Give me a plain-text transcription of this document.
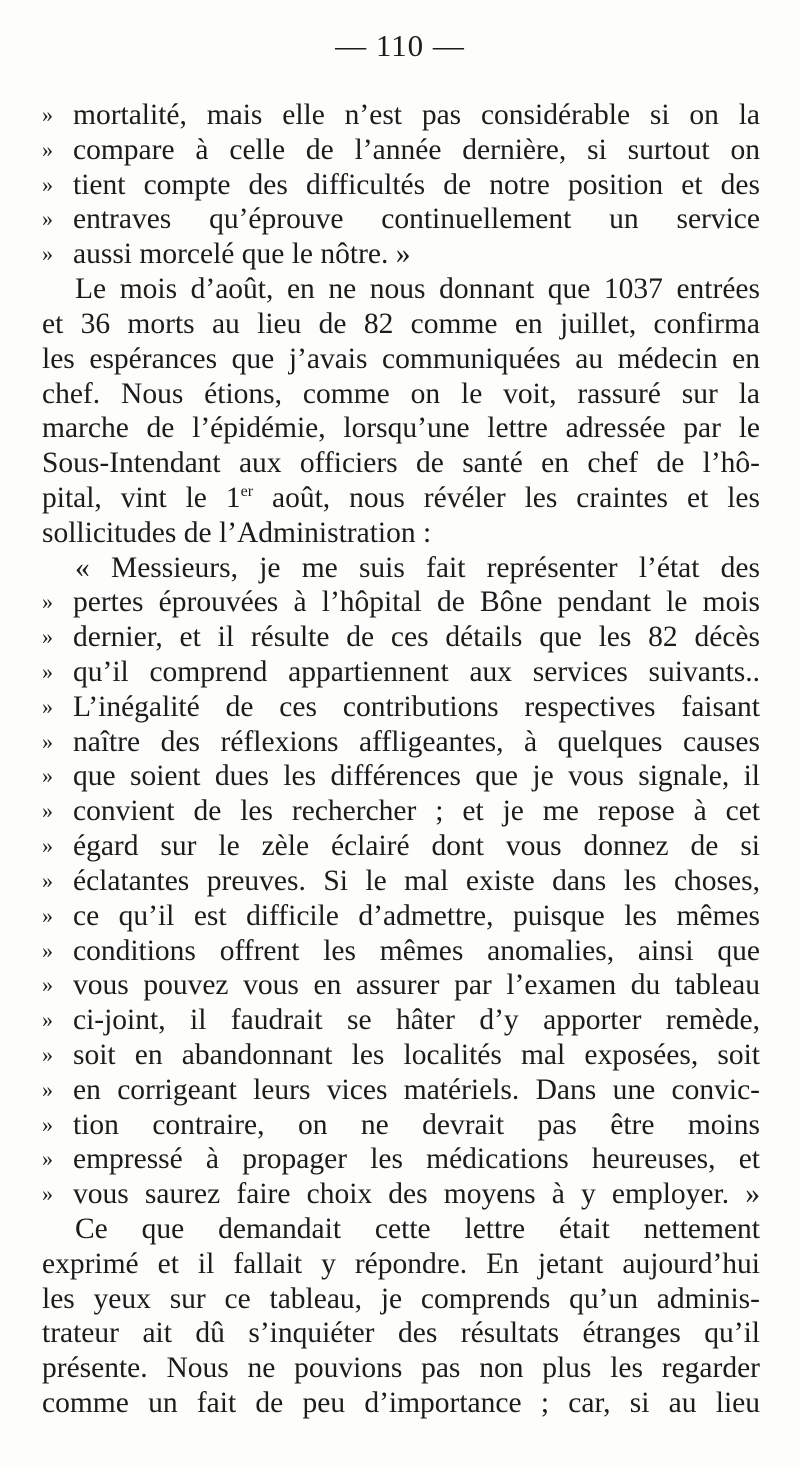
— 110 —
» mortalité, mais elle n’est pas considérable si on la
» compare à celle de l’année dernière, si surtout on
» tient compte des difficultés de notre position et des
» entraves qu’éprouve continuellement un service
» aussi morcelé que le nôtre. »
Le mois d’août, en ne nous donnant que 1037 entrées
et 36 morts au lieu de 82 comme en juillet, confirma
les espérances que j’avais communiquées au médecin en
chef. Nous étions, comme on le voit, rassuré sur la
marche de l’épidémie, lorsqu’une lettre adressée par le
Sous-Intendant aux officiers de santé en chef de l’hô-
pital, vint le 1er août, nous révéler les craintes et les
sollicitudes de l’Administration :
« Messieurs, je me suis fait représenter l’état des
» pertes éprouvées à l’hôpital de Bône pendant le mois
» dernier, et il résulte de ces détails que les 82 décès
» qu’il comprend appartiennent aux services suivants..
» L’inégalité de ces contributions respectives faisant
» naître des réflexions affligeantes, à quelques causes
» que soient dues les différences que je vous signale, il
» convient de les rechercher ; et je me repose à cet
» égard sur le zèle éclairé dont vous donnez de si
» éclatantes preuves. Si le mal existe dans les choses,
» ce qu’il est difficile d’admettre, puisque les mêmes
» conditions offrent les mêmes anomalies, ainsi que
» vous pouvez vous en assurer par l’examen du tableau
» ci-joint, il faudrait se hâter d’y apporter remède,
» soit en abandonnant les localités mal exposées, soit
» en corrigeant leurs vices matériels. Dans une convic-
» tion contraire, on ne devrait pas être moins
» empressé à propager les médications heureuses, et
» vous saurez faire choix des moyens à y employer. »
Ce que demandait cette lettre était nettement
exprimé et il fallait y répondre. En jetant aujourd’hui
les yeux sur ce tableau, je comprends qu’un adminis-
trateur ait dû s’inquiéter des résultats étranges qu’il
présente. Nous ne pouvions pas non plus les regarder
comme un fait de peu d’importance ; car, si au lieu
